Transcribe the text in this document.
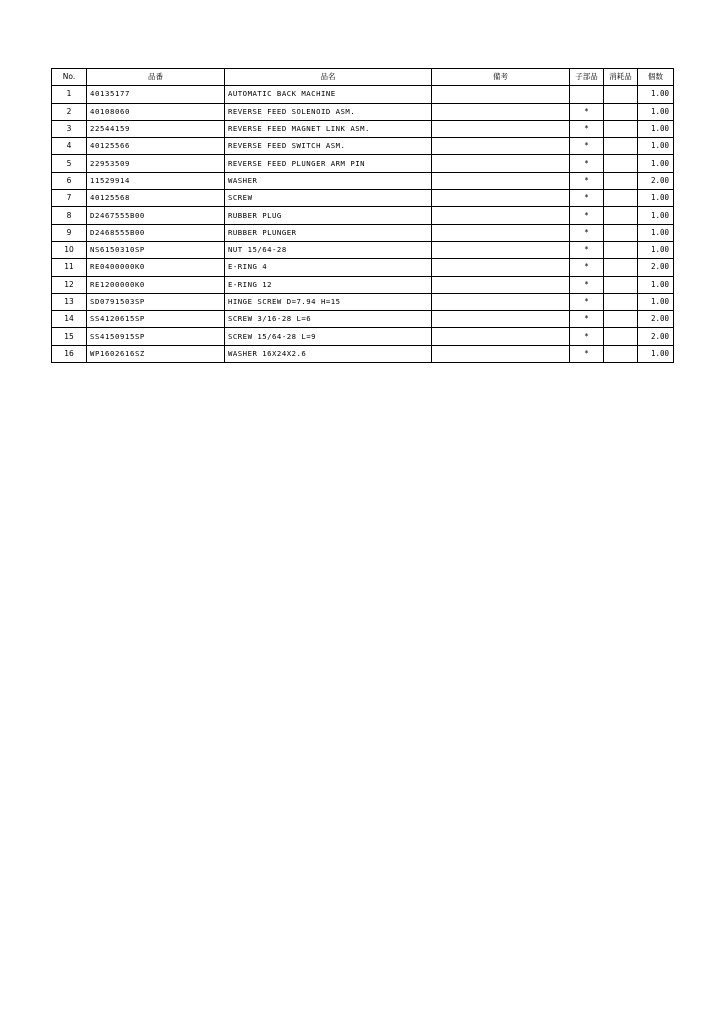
No.	品番	品名	備考	子部品	消耗品	個数
1	40135177	AUTOMATIC BACK MACHINE				1.00
2	40108060	REVERSE FEED SOLENOID ASM.		*		1.00
3	22544159	REVERSE FEED MAGNET LINK ASM.		*		1.00
4	40125566	REVERSE FEED SWITCH ASM.		*		1.00
5	22953509	REVERSE FEED PLUNGER ARM PIN		*		1.00
6	11529914	WASHER		*		2.00
7	40125568	SCREW		*		1.00
8	D2467555B00	RUBBER PLUG		*		1.00
9	D2468555B00	RUBBER PLUNGER		*		1.00
10	NS6150310SP	NUT 15/64-28		*		1.00
11	RE0400000K0	E-RING 4		*		2.00
12	RE1200000K0	E-RING 12		*		1.00
13	SD0791503SP	HINGE SCREW D=7.94 H=15		*		1.00
14	SS4120615SP	SCREW 3/16-28 L=6		*		2.00
15	SS4150915SP	SCREW 15/64-28 L=9		*		2.00
16	WP1602616SZ	WASHER 16X24X2.6		*		1.00
